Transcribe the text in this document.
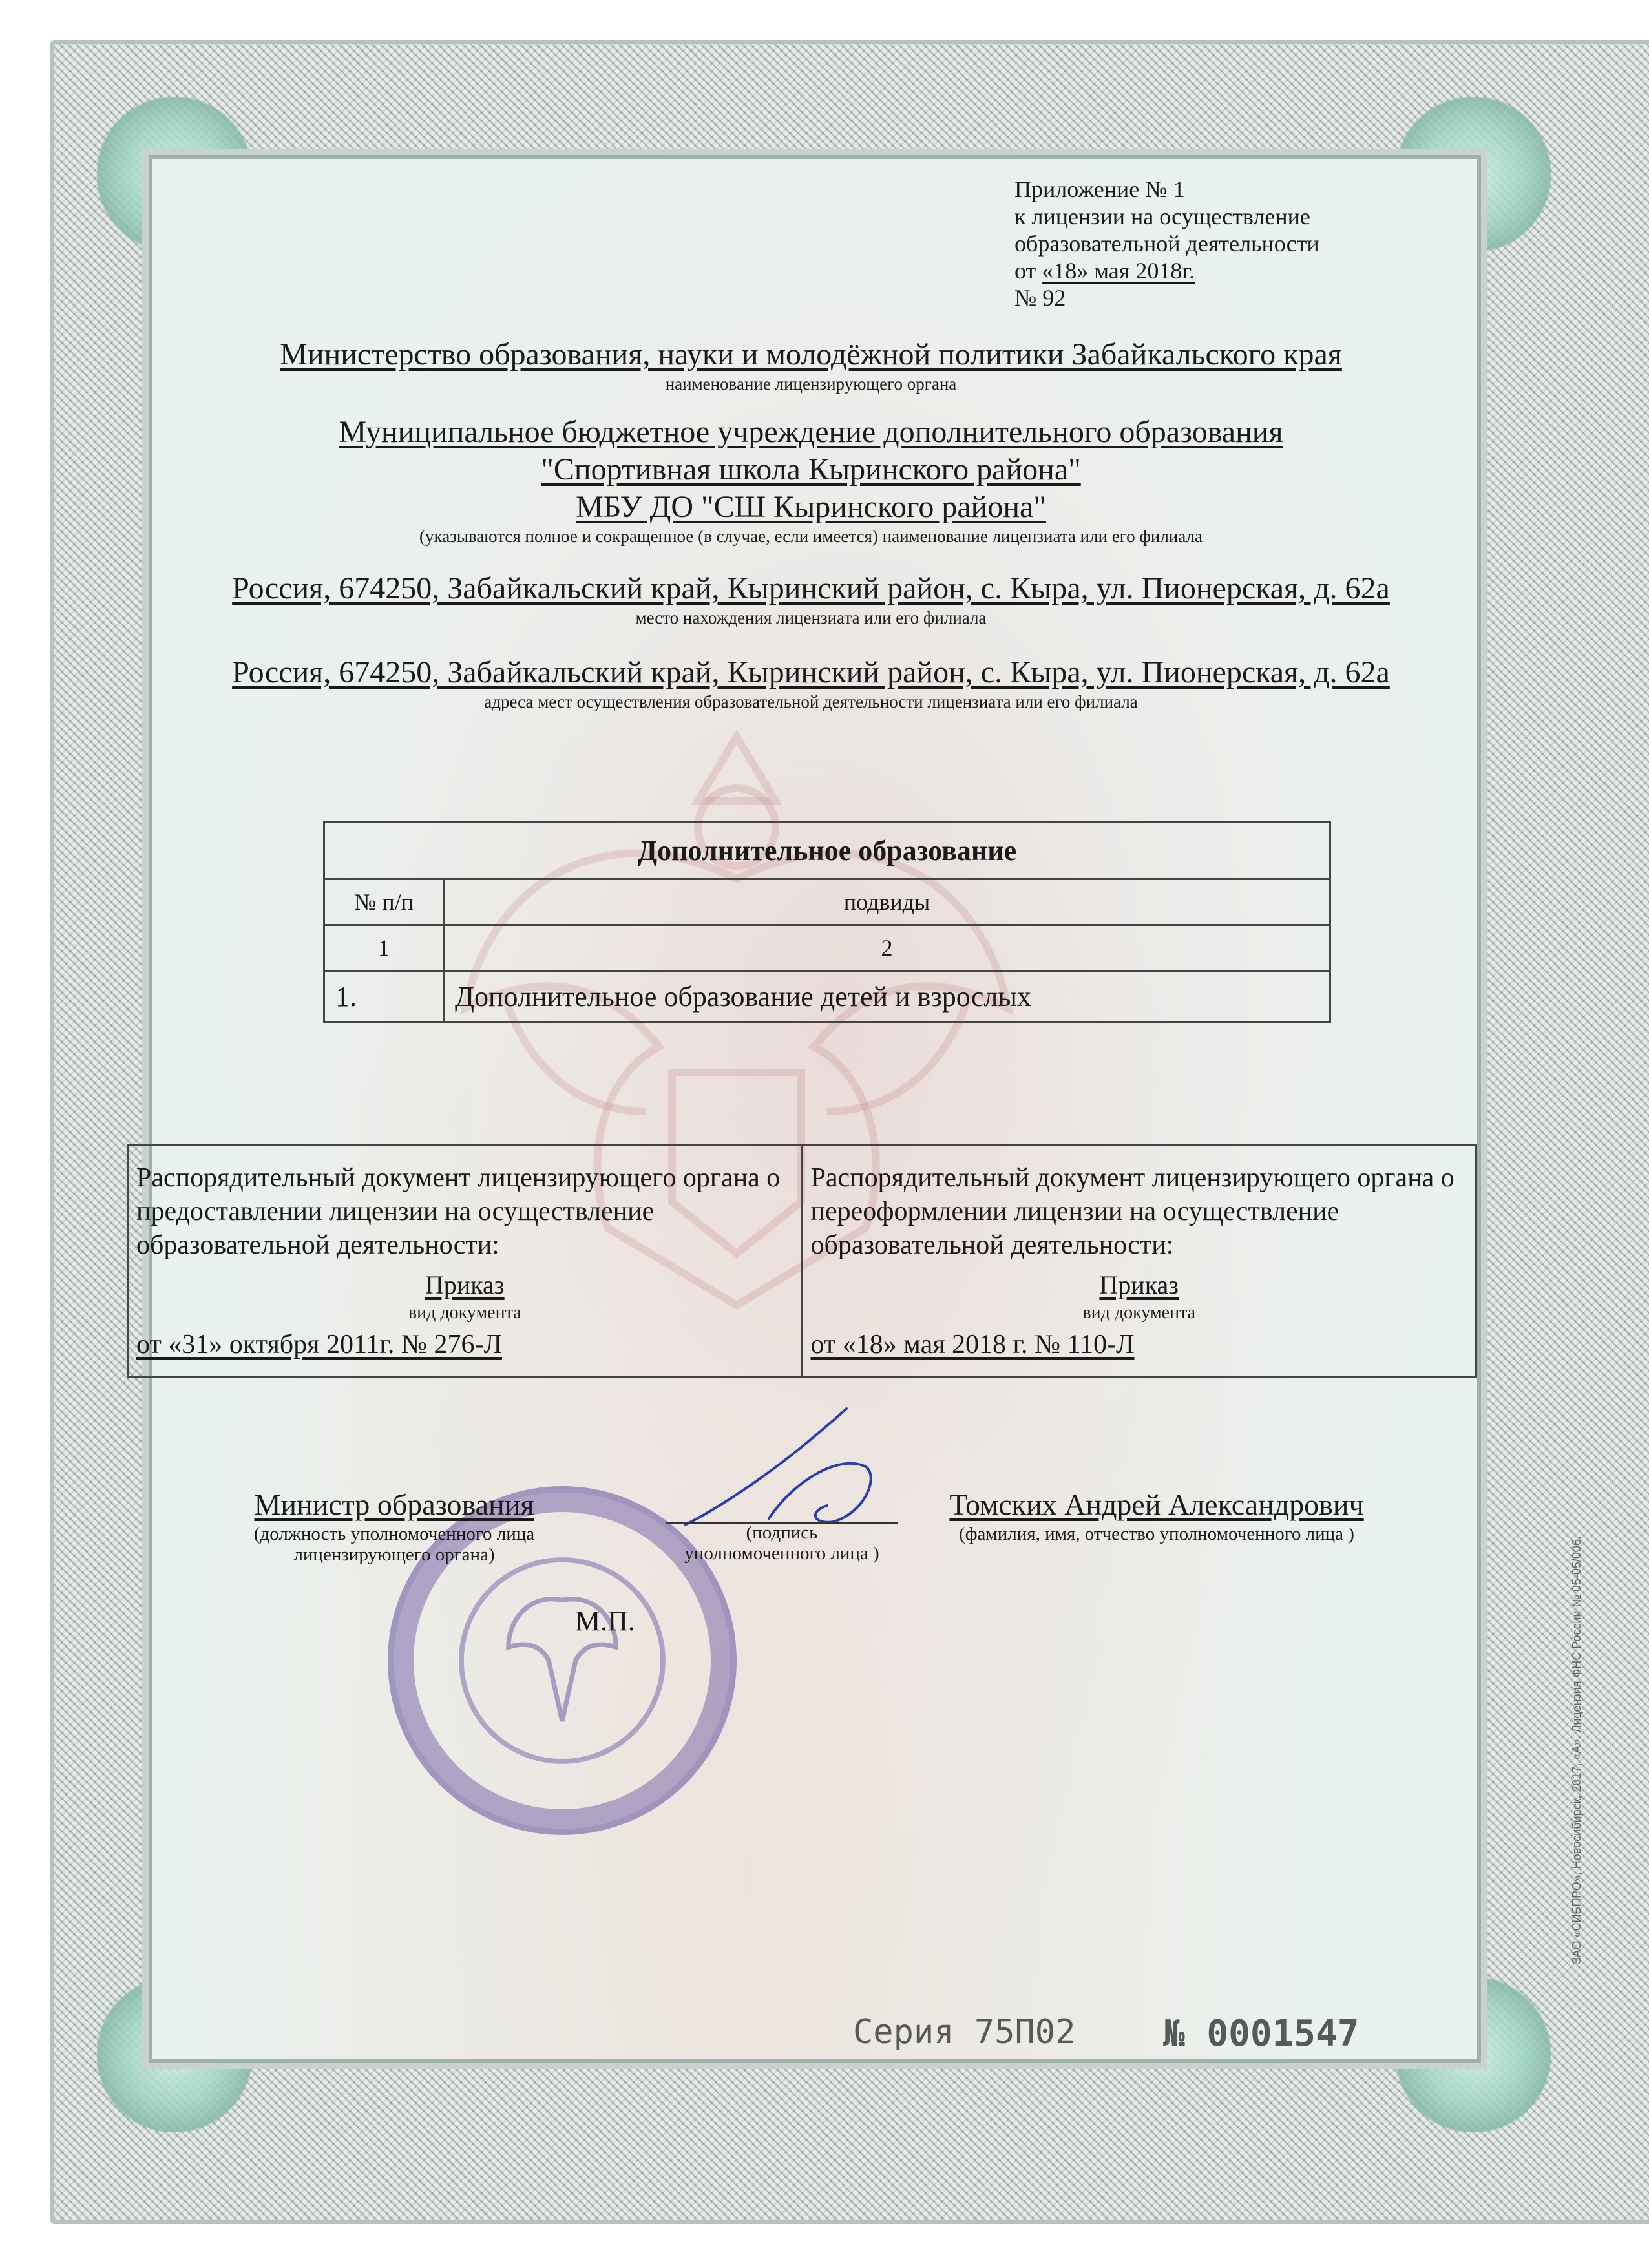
Приложение № 1
к лицензии на осуществление
образовательной деятельности
от «18» мая 2018г.
№ 92
Министерство образования, науки и молодёжной политики Забайкальского края
наименование лицензирующего органа
Муниципальное бюджетное учреждение дополнительного образования
"Спортивная школа Кыринского района"
МБУ ДО "СШ Кыринского района"
(указываются полное и сокращенное (в случае, если имеется) наименование лицензиата или его филиала
Россия, 674250, Забайкальский край, Кыринский район, с. Кыра, ул. Пионерская, д. 62а
место нахождения лицензиата или его филиала
Россия, 674250, Забайкальский край, Кыринский район, с. Кыра, ул. Пионерская, д. 62а
адреса мест осуществления образовательной деятельности лицензиата или его филиала
Дополнительное образование	
№ п/п	подвиды
1	2
1.	Дополнительное образование детей и взрослых
Распорядительный документ лицензирующего органа о предоставлении лицензии на осуществление образовательной деятельности:
Приказ
вид документа
от «31» октября 2011г. № 276-Л

Распорядительный документ лицензирующего органа о переоформлении лицензии на осуществление образовательной деятельности:
Приказ
вид документа
от «18» мая 2018 г. № 110-Л
Министр образования
(должность уполномоченного лица
лицензирующего органа)
(подпись
уполномоченного лица )
Томских Андрей Александрович
(фамилия, имя, отчество уполномоченного лица )
М.П.
Серия 75П02 № 0001547
ЗАО «СИБПРО», Новосибирск, 2017, «А». Лицензия ФНС России № 05-05/006.
